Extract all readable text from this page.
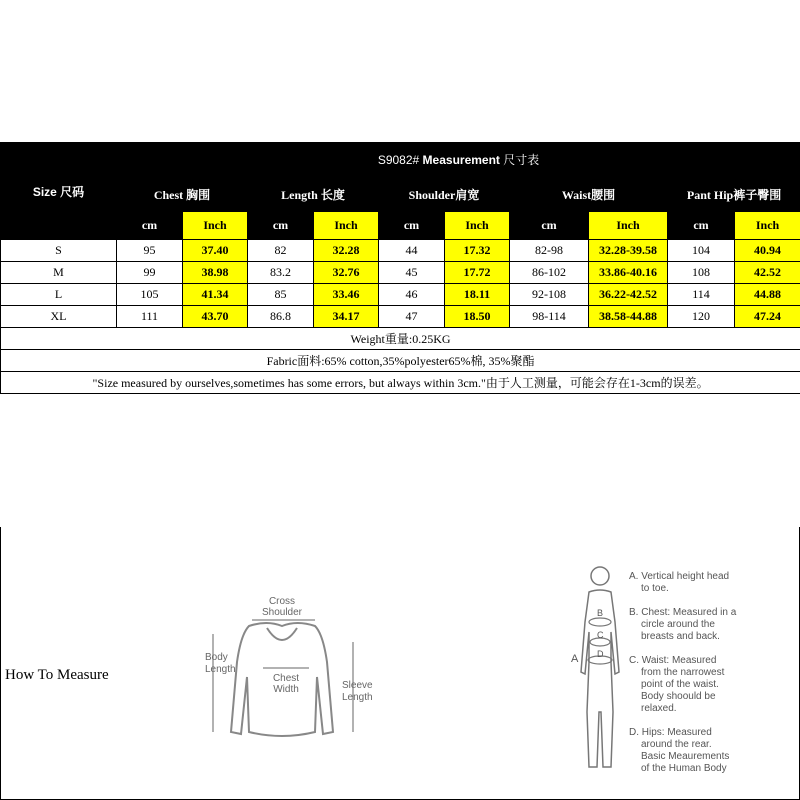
Size 尺码	S9082# Measurement 尺寸表									
	Chest 胸围		Length 长度		Shoulder肩宽		Waist腰围		Pant Hip裤子臀围	
	cm	Inch	cm	Inch	cm	Inch	cm	Inch	cm	Inch
S	95	37.40	82	32.28	44	17.32	82-98	32.28-39.58	104	40.94
M	99	38.98	83.2	32.76	45	17.72	86-102	33.86-40.16	108	42.52
L	105	41.34	85	33.46	46	18.11	92-108	36.22-42.52	114	44.88
XL	111	43.70	86.8	34.17	47	18.50	98-114	38.58-44.88	120	47.24
Weight重量:0.25KG										
Fabric面料:65% cotton,35%polyester65%棉, 35%聚酯										
"Size measured by ourselves,sometimes has some errors, but always within 3cm."由于人工测量，可能会存在1-3cm的误差。										
How To Measure
Cross
Shoulder
Body
Length
Chest
Width	Sleeve
Length
A
B
C
D
A. Vertical height head
to toe.
B. Chest: Measured in a
circle around the
breasts and back.
C. Waist: Measured
from the narrowest
point of the waist.
Body shoould be
relaxed.
D. Hips: Measured
around the rear.
Basic Meaurements
of the Human Body
